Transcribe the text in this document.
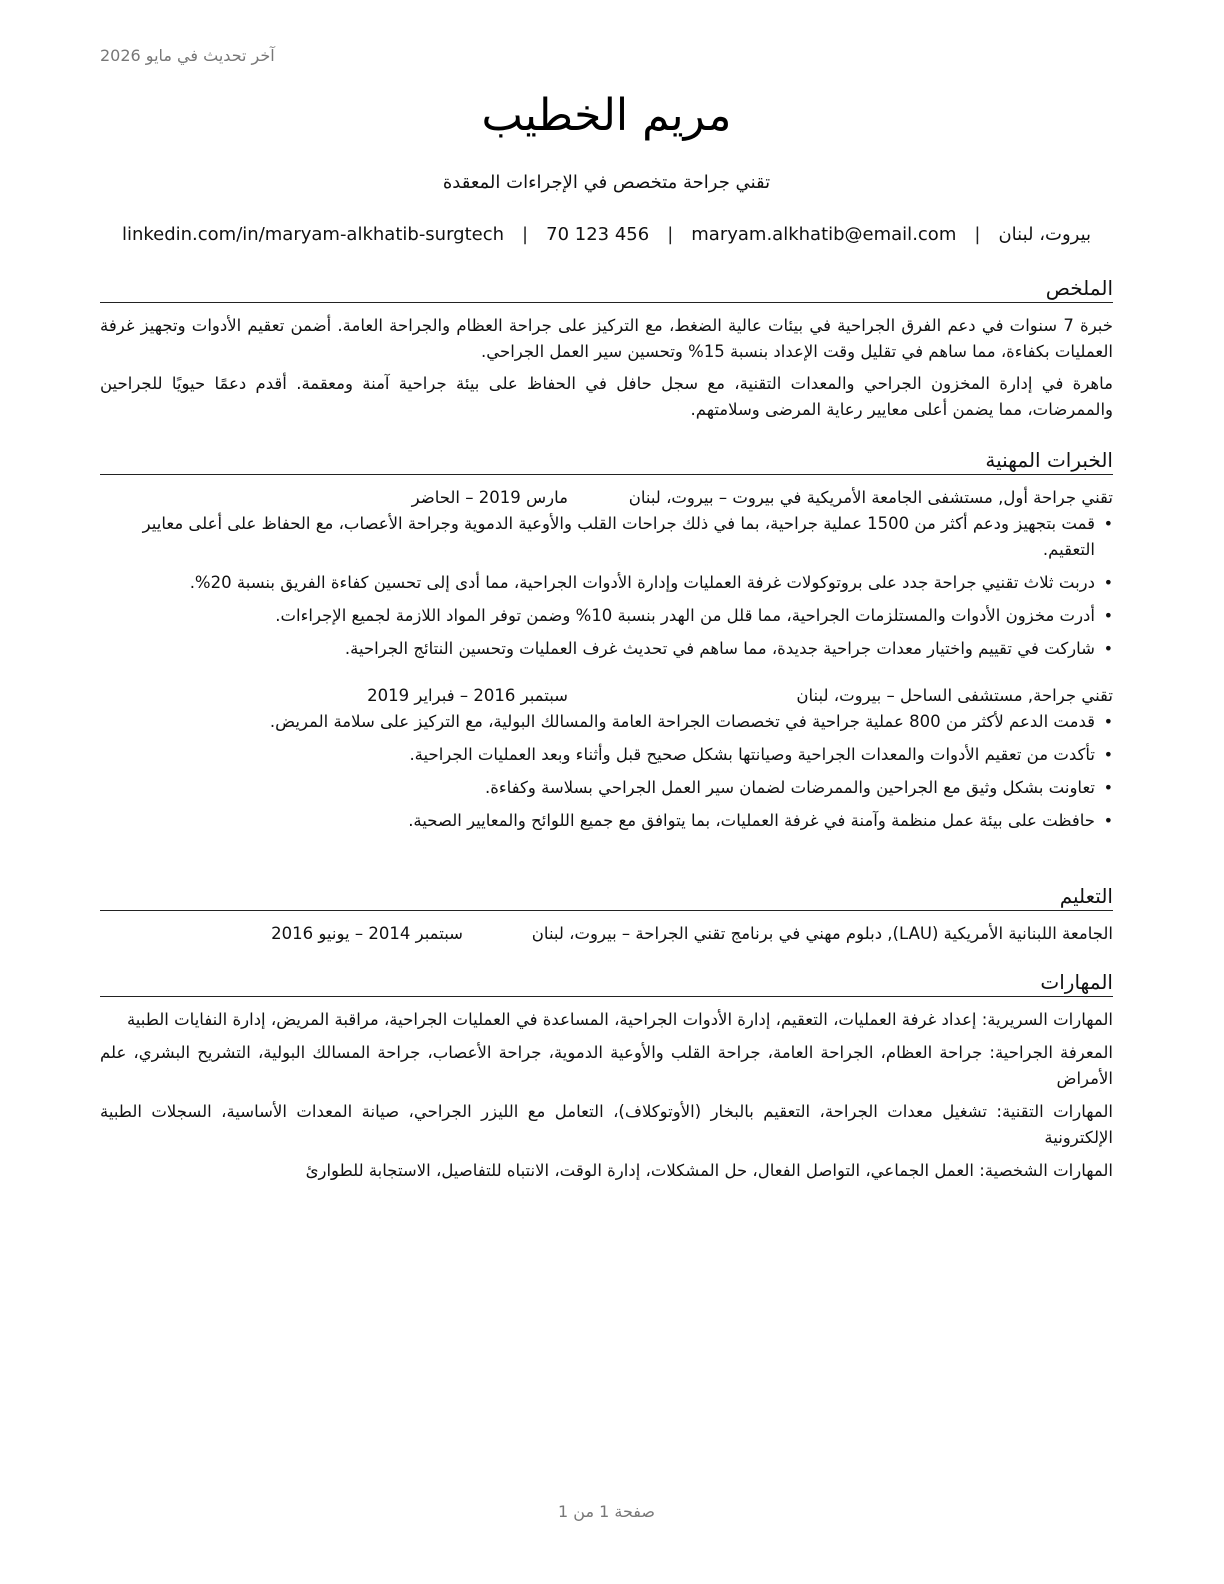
آخر تحديث في مايو 2026
مريم الخطيب
تقني جراحة متخصص في الإجراءات المعقدة
بيروت، لبنان
|
maryam.alkhatib@email.com
|
70 123 456
|
linkedin.com/in/maryam-alkhatib-surgtech
الملخص

خبرة 7 سنوات في دعم الفرق الجراحية في بيئات عالية الضغط، مع التركيز على جراحة العظام والجراحة العامة. أضمن تعقيم الأدوات وتجهيز غرفة العمليات بكفاءة، مما ساهم في تقليل وقت الإعداد بنسبة 15% وتحسين سير العمل الجراحي.

ماهرة في إدارة المخزون الجراحي والمعدات التقنية، مع سجل حافل في الحفاظ على بيئة جراحية آمنة ومعقمة. أقدم دعمًا حيويًا للجراحين والممرضات، مما يضمن أعلى معايير رعاية المرضى وسلامتهم.

الخبرات المهنية
تقني جراحة أول, مستشفى الجامعة الأمريكية في بيروت – بيروت، لبنان
مارس 2019 – الحاضر
•
قمت بتجهيز ودعم أكثر من 1500 عملية جراحية، بما في ذلك جراحات القلب والأوعية الدموية وجراحة الأعصاب، مع الحفاظ على أعلى معايير التعقيم.
•
دربت ثلاث تقنيي جراحة جدد على بروتوكولات غرفة العمليات وإدارة الأدوات الجراحية، مما أدى إلى تحسين كفاءة الفريق بنسبة 20%.
•
أدرت مخزون الأدوات والمستلزمات الجراحية، مما قلل من الهدر بنسبة 10% وضمن توفر المواد اللازمة لجميع الإجراءات.
•
شاركت في تقييم واختيار معدات جراحية جديدة، مما ساهم في تحديث غرف العمليات وتحسين النتائج الجراحية.
تقني جراحة, مستشفى الساحل – بيروت، لبنان
سبتمبر 2016 – فبراير 2019
•
قدمت الدعم لأكثر من 800 عملية جراحية في تخصصات الجراحة العامة والمسالك البولية، مع التركيز على سلامة المريض.
•
تأكدت من تعقيم الأدوات والمعدات الجراحية وصيانتها بشكل صحيح قبل وأثناء وبعد العمليات الجراحية.
•
تعاونت بشكل وثيق مع الجراحين والممرضات لضمان سير العمل الجراحي بسلاسة وكفاءة.
•
حافظت على بيئة عمل منظمة وآمنة في غرفة العمليات، بما يتوافق مع جميع اللوائح والمعايير الصحية.
التعليم
الجامعة اللبنانية الأمريكية (LAU), دبلوم مهني في برنامج تقني الجراحة – بيروت، لبنان
سبتمبر 2014 – يونيو 2016
المهارات
المهارات السريرية: إعداد غرفة العمليات، التعقيم، إدارة الأدوات الجراحية، المساعدة في العمليات الجراحية، مراقبة المريض، إدارة النفايات الطبية
المعرفة الجراحية: جراحة العظام، الجراحة العامة، جراحة القلب والأوعية الدموية، جراحة الأعصاب، جراحة المسالك البولية، التشريح البشري، علم الأمراض
المهارات التقنية: تشغيل معدات الجراحة، التعقيم بالبخار (الأوتوكلاف)، التعامل مع الليزر الجراحي، صيانة المعدات الأساسية، السجلات الطبية الإلكترونية
المهارات الشخصية: العمل الجماعي، التواصل الفعال، حل المشكلات، إدارة الوقت، الانتباه للتفاصيل، الاستجابة للطوارئ
صفحة 1 من 1
